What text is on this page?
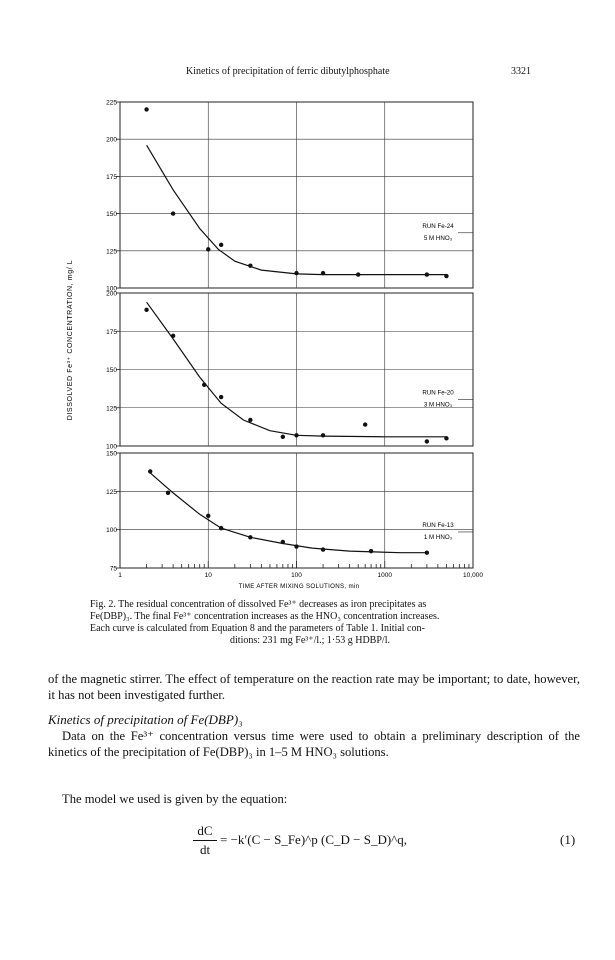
Kinetics of precipitation of ferric dibutylphosphate	3321
100
125
150
175
200
225
RUN Fe-24
5 M HNO₃
100
125
150
175
200
RUN Fe-20
3 M HNO₃
75
100
125
150
RUN Fe-13
1 M HNO₃
DISSOLVED Fe³⁺ CONCENTRATION, mg/ L
TIME AFTER MIXING SOLUTIONS, min
1	10	100	1000	10,000
Fig. 2. The residual concentration of dissolved Fe³⁺ decreases as iron precipitates as
Fe(DBP)₃. The final Fe³⁺ concentration increases as the HNO₃ concentration increases.
Each curve is calculated from Equation 8 and the parameters of Table 1. Initial con-
ditions: 231 mg Fe³⁺/l.; 1·53 g HDBP/l.
of the magnetic stirrer. The effect of temperature on the reaction rate may be important; to date, however, it has not been investigated further.
Kinetics of precipitation of Fe(DBP)₃
Data on the Fe³⁺ concentration versus time were used to obtain a preliminary description of the kinetics of the precipitation of Fe(DBP)₃ in 1–5 M HNO₃ solutions.
The model we used is given by the equation:
dC
dt
= −k′(C − S_Fe)^p (C_D − S_D)^q,	(1)
